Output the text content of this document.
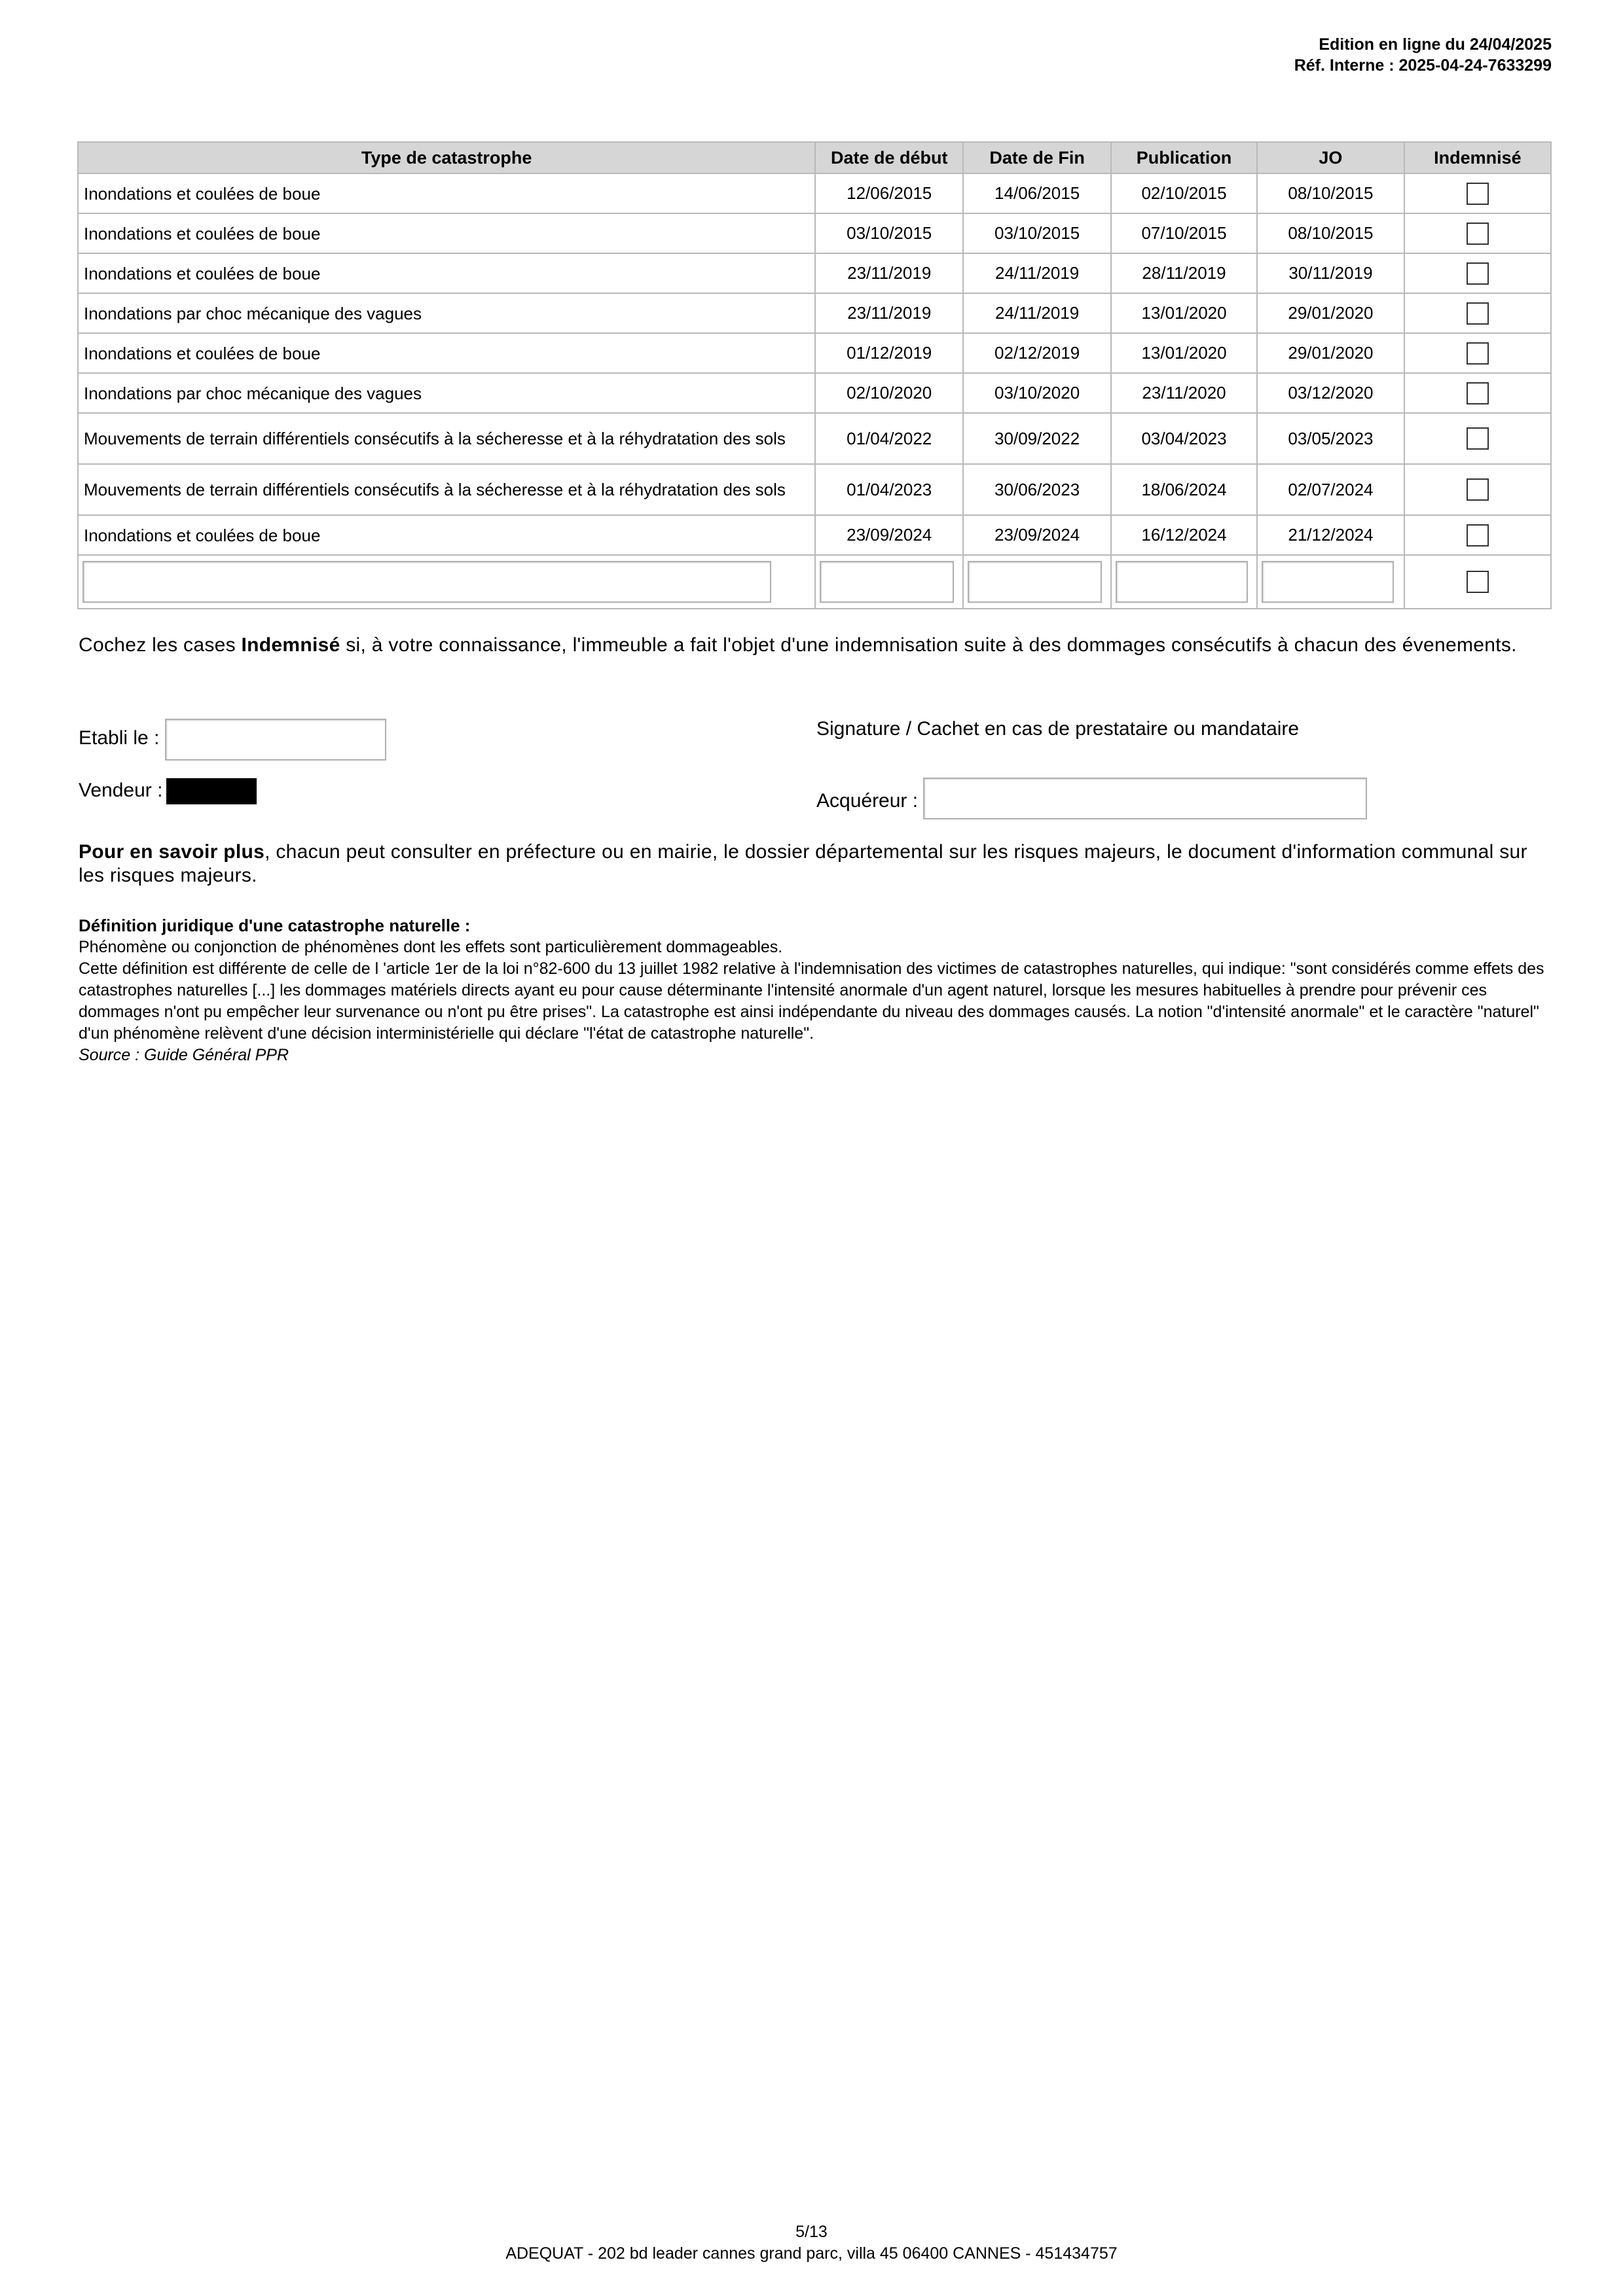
Edition en ligne du 24/04/2025
Réf. Interne : 2025-04-24-7633299
Type de catastrophe	Date de début	Date de Fin	Publication	JO	Indemnisé
Inondations et coulées de boue	12/06/2015	14/06/2015	02/10/2015	08/10/2015	
Inondations et coulées de boue	03/10/2015	03/10/2015	07/10/2015	08/10/2015	
Inondations et coulées de boue	23/11/2019	24/11/2019	28/11/2019	30/11/2019	
Inondations par choc mécanique des vagues	23/11/2019	24/11/2019	13/01/2020	29/01/2020	
Inondations et coulées de boue	01/12/2019	02/12/2019	13/01/2020	29/01/2020	
Inondations par choc mécanique des vagues	02/10/2020	03/10/2020	23/11/2020	03/12/2020	
Mouvements de terrain différentiels consécutifs à la sécheresse et à la réhydratation des sols	01/04/2022	30/09/2022	03/04/2023	03/05/2023	
Mouvements de terrain différentiels consécutifs à la sécheresse et à la réhydratation des sols	01/04/2023	30/06/2023	18/06/2024	02/07/2024	
Inondations et coulées de boue	23/09/2024	23/09/2024	16/12/2024	21/12/2024	

Cochez les cases Indemnisé si, à votre connaissance, l'immeuble a fait l'objet d'une indemnisation suite à des dommages consécutifs à chacun des évenements.

Etabli le :
Vendeur :
Signature / Cachet en cas de prestataire ou mandataire
Acquéreur :

Pour en savoir plus, chacun peut consulter en préfecture ou en mairie, le dossier départemental sur les risques majeurs, le document d'information communal sur les risques majeurs.

Définition juridique d'une catastrophe naturelle :
Phénomène ou conjonction de phénomènes dont les effets sont particulièrement dommageables.
Cette définition est différente de celle de l 'article 1er de la loi n°82-600 du 13 juillet 1982 relative à l'indemnisation des victimes de catastrophes naturelles, qui indique: "sont considérés comme effets des catastrophes naturelles [...] les dommages matériels directs ayant eu pour cause déterminante l'intensité anormale d'un agent naturel, lorsque les mesures habituelles à prendre pour prévenir ces dommages n'ont pu empêcher leur survenance ou n'ont pu être prises". La catastrophe est ainsi indépendante du niveau des dommages causés. La notion "d'intensité anormale" et le caractère "naturel" d'un phénomène relèvent d'une décision interministérielle qui déclare "l'état de catastrophe naturelle".
Source : Guide Général PPR
5/13
ADEQUAT - 202 bd leader cannes grand parc, villa 45 06400 CANNES - 451434757
